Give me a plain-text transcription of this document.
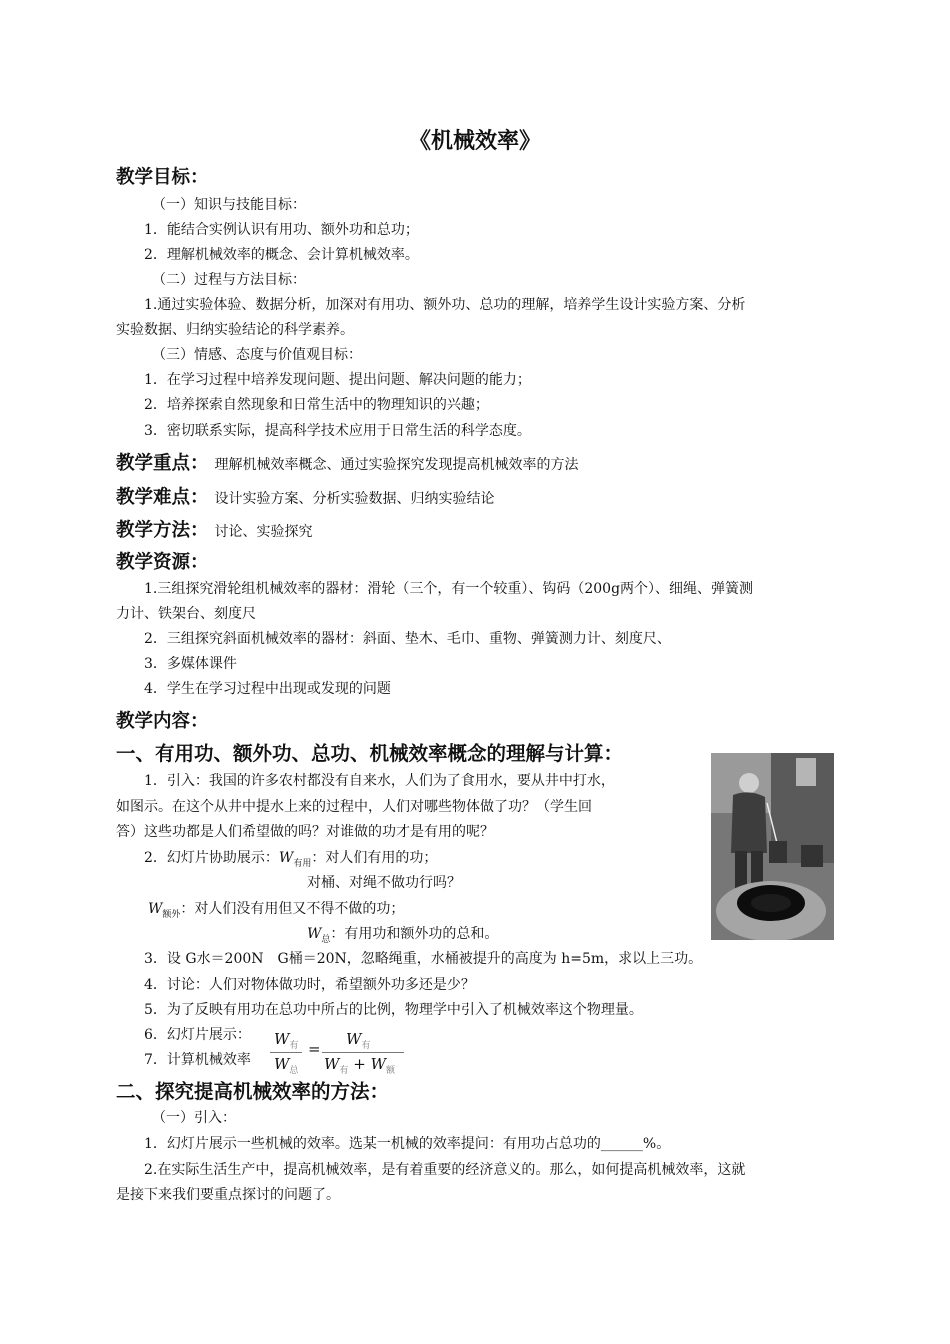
《机械效率》
教学目标：
（一）知识与技能目标：
1．能结合实例认识有用功、额外功和总功；
2．理解机械效率的概念、会计算机械效率。
（二）过程与方法目标：
1.通过实验体验、数据分析，加深对有用功、额外功、总功的理解，培养学生设计实验方案、分析
实验数据、归纳实验结论的科学素养。
（三）情感、态度与价值观目标：
1．在学习过程中培养发现问题、提出问题、解决问题的能力；
2．培养探索自然现象和日常生活中的物理知识的兴趣；
3．密切联系实际，提高科学技术应用于日常生活的科学态度。
教学重点： 理解机械效率概念、通过实验探究发现提高机械效率的方法
教学难点： 设计实验方案、分析实验数据、归纳实验结论
教学方法： 讨论、实验探究
教学资源：
1.三组探究滑轮组机械效率的器材：滑轮（三个，有一个较重）、钩码（200g两个）、细绳、弹簧测
力计、铁架台、刻度尺
2．三组探究斜面机械效率的器材：斜面、垫木、毛巾、重物、弹簧测力计、刻度尺、
3．多媒体课件
4．学生在学习过程中出现或发现的问题
教学内容：
一、有用功、额外功、总功、机械效率概念的理解与计算：
1．引入：我国的许多农村都没有自来水，人们为了食用水，要从井中打水，
如图示。在这个从井中提水上来的过程中，人们对哪些物体做了功？（学生回
答）这些功都是人们希望做的吗？对谁做的功才是有用的呢？
2．幻灯片协助展示：$W_{有用}$：对人们有用的功；
对桶、对绳不做功行吗？
$W_{额外}$：对人们没有用但又不得不做的功；
$W_总$：有用功和额外功的总和。
3．设 G水＝200N　G桶＝20N，忽略绳重，水桶被提升的高度为 h=5m，求以上三功。
4．讨论：人们对物体做功时，希望额外功多还是少？
5．为了反映有用功在总功中所占的比例，物理学中引入了机械效率这个物理量。
6．幻灯片展示：
7．计算机械效率
$W_有$
$W_总$
=
$W_有$
$W_有 + W_额$
二、探究提高机械效率的方法：
（一）引入：
1．幻灯片展示一些机械的效率。选某一机械的效率提问：有用功占总功的______%。
2.在实际生活生产中，提高机械效率，是有着重要的经济意义的。那么，如何提高机械效率，这就
是接下来我们要重点探讨的问题了。
